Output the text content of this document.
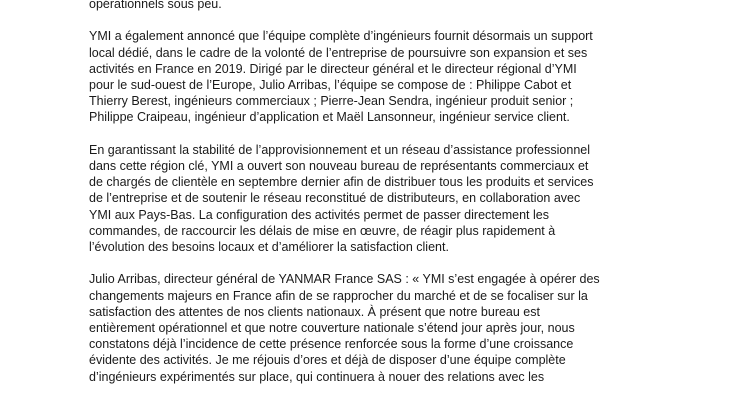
opérationnels sous peu.

YMI a également annoncé que l’équipe complète d’ingénieurs fournit désormais un support
local dédié, dans le cadre de la volonté de l’entreprise de poursuivre son expansion et ses
activités en France en 2019. Dirigé par le directeur général et le directeur régional d’YMI
pour le sud-ouest de l’Europe, Julio Arribas, l’équipe se compose de : Philippe Cabot et
Thierry Berest, ingénieurs commerciaux ; Pierre-Jean Sendra, ingénieur produit senior ;
Philippe Craipeau, ingénieur d’application et Maël Lansonneur, ingénieur service client.

En garantissant la stabilité de l’approvisionnement et un réseau d’assistance professionnel
dans cette région clé, YMI a ouvert son nouveau bureau de représentants commerciaux et
de chargés de clientèle en septembre dernier afin de distribuer tous les produits et services
de l’entreprise et de soutenir le réseau reconstitué de distributeurs, en collaboration avec
YMI aux Pays-Bas. La configuration des activités permet de passer directement les
commandes, de raccourcir les délais de mise en œuvre, de réagir plus rapidement à
l’évolution des besoins locaux et d’améliorer la satisfaction client.

Julio Arribas, directeur général de YANMAR France SAS : « YMI s’est engagée à opérer des
changements majeurs en France afin de se rapprocher du marché et de se focaliser sur la
satisfaction des attentes de nos clients nationaux. À présent que notre bureau est
entièrement opérationnel et que notre couverture nationale s’étend jour après jour, nous
constatons déjà l’incidence de cette présence renforcée sous la forme d’une croissance
évidente des activités. Je me réjouis d’ores et déjà de disposer d’une équipe complète
d’ingénieurs expérimentés sur place, qui continuera à nouer des relations avec les
